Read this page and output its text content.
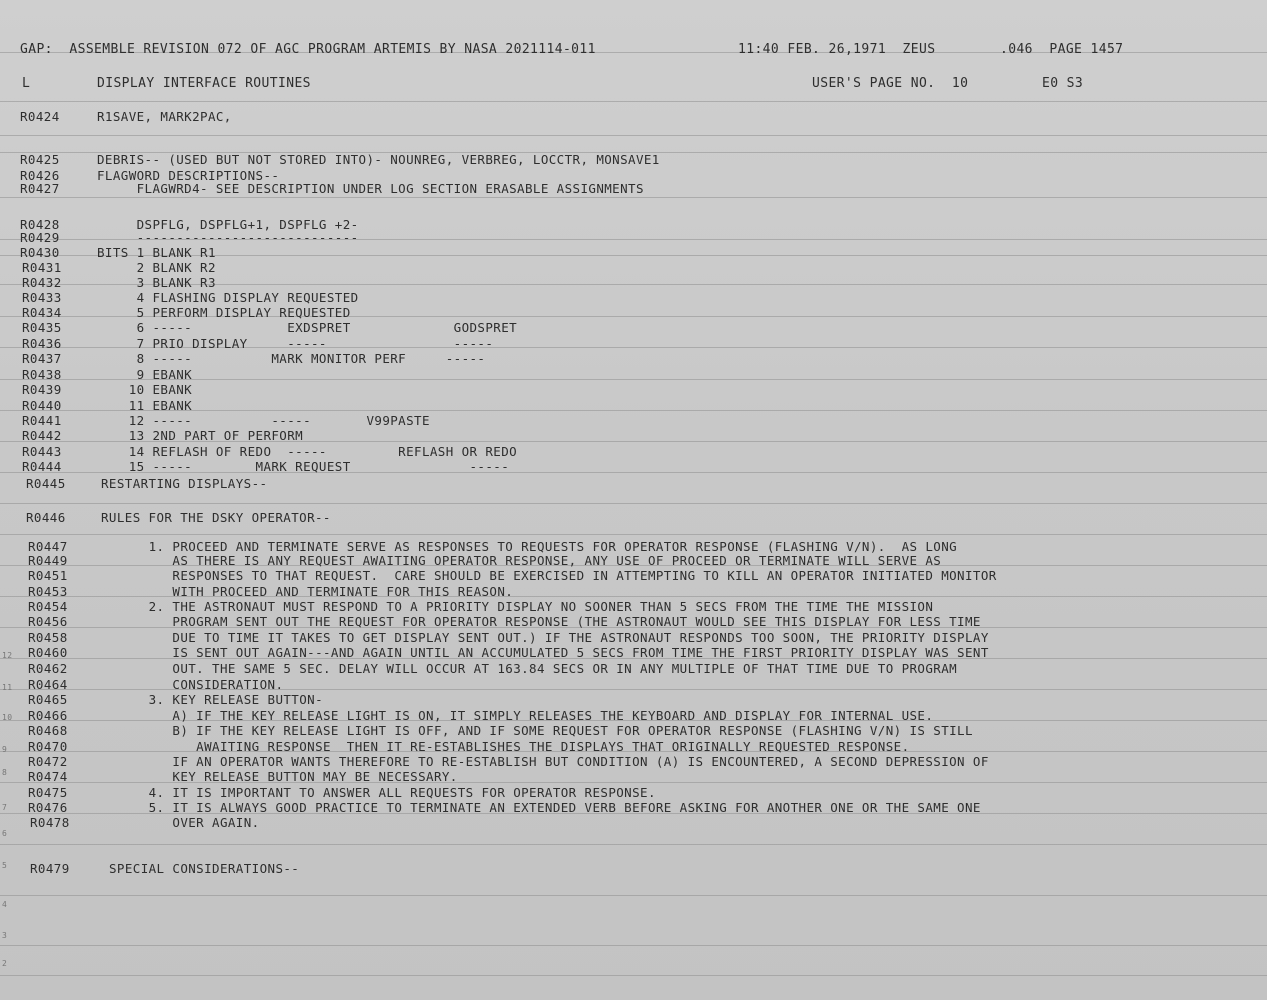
GAP:  ASSEMBLE REVISION 072 OF AGC PROGRAM ARTEMIS BY NASA 2021114-011

	11:40 FEB. 26,1971  ZEUS

	.046  PAGE 1457

L

	DISPLAY INTERFACE ROUTINES

	USER'S PAGE NO.  10

	E0 S3

R0424	R1SAVE, MARK2PAC,
R0425	DEBRIS-- (USED BUT NOT STORED INTO)- NOUNREG, VERBREG, LOCCTR, MONSAVE1
R0426	FLAGWORD DESCRIPTIONS--
R0427	FLAGWRD4- SEE DESCRIPTION UNDER LOG SECTION ERASABLE ASSIGNMENTS
R0428	DSPFLG, DSPFLG+1, DSPFLG +2-
R0429	----------------------------
R0430	BITS 1 BLANK R1
R0431	2 BLANK R2
R0432	3 BLANK R3
R0433	4 FLASHING DISPLAY REQUESTED
R0434	5 PERFORM DISPLAY REQUESTED
R0435	6 -----            EXDSPRET             GODSPRET
R0436	7 PRIO DISPLAY     -----                -----
R0437	8 -----          MARK MONITOR PERF     -----
R0438	9 EBANK
R0439	10 EBANK
R0440	11 EBANK
R0441	12 -----          -----       V99PASTE
R0442	13 2ND PART OF PERFORM
R0443	14 REFLASH OF REDO  -----         REFLASH OR REDO
R0444	15 -----        MARK REQUEST               -----
R0445	RESTARTING DISPLAYS--
R0446	RULES FOR THE DSKY OPERATOR--
R0447	1. PROCEED AND TERMINATE SERVE AS RESPONSES TO REQUESTS FOR OPERATOR RESPONSE (FLASHING V/N).  AS LONG
R0449	AS THERE IS ANY REQUEST AWAITING OPERATOR RESPONSE, ANY USE OF PROCEED OR TERMINATE WILL SERVE AS
R0451	RESPONSES TO THAT REQUEST.  CARE SHOULD BE EXERCISED IN ATTEMPTING TO KILL AN OPERATOR INITIATED MONITOR
R0453	WITH PROCEED AND TERMINATE FOR THIS REASON.
R0454	2. THE ASTRONAUT MUST RESPOND TO A PRIORITY DISPLAY NO SOONER THAN 5 SECS FROM THE TIME THE MISSION
R0456	PROGRAM SENT OUT THE REQUEST FOR OPERATOR RESPONSE (THE ASTRONAUT WOULD SEE THIS DISPLAY FOR LESS TIME
R0458	DUE TO TIME IT TAKES TO GET DISPLAY SENT OUT.) IF THE ASTRONAUT RESPONDS TOO SOON, THE PRIORITY DISPLAY
R0460	IS SENT OUT AGAIN---AND AGAIN UNTIL AN ACCUMULATED 5 SECS FROM TIME THE FIRST PRIORITY DISPLAY WAS SENT
R0462	OUT. THE SAME 5 SEC. DELAY WILL OCCUR AT 163.84 SECS OR IN ANY MULTIPLE OF THAT TIME DUE TO PROGRAM
R0464	CONSIDERATION.
R0465	3. KEY RELEASE BUTTON-
R0466	A) IF THE KEY RELEASE LIGHT IS ON, IT SIMPLY RELEASES THE KEYBOARD AND DISPLAY FOR INTERNAL USE.
R0468	B) IF THE KEY RELEASE LIGHT IS OFF, AND IF SOME REQUEST FOR OPERATOR RESPONSE (FLASHING V/N) IS STILL
R0470	AWAITING RESPONSE  THEN IT RE-ESTABLISHES THE DISPLAYS THAT ORIGINALLY REQUESTED RESPONSE.
R0472	IF AN OPERATOR WANTS THEREFORE TO RE-ESTABLISH BUT CONDITION (A) IS ENCOUNTERED, A SECOND DEPRESSION OF
R0474	KEY RELEASE BUTTON MAY BE NECESSARY.
R0475	4. IT IS IMPORTANT TO ANSWER ALL REQUESTS FOR OPERATOR RESPONSE.
R0476	5. IT IS ALWAYS GOOD PRACTICE TO TERMINATE AN EXTENDED VERB BEFORE ASKING FOR ANOTHER ONE OR THE SAME ONE
R0478	OVER AGAIN.
R0479	SPECIAL CONSIDERATIONS--
12
11
10
9
8
7
6
5
4
3
2
